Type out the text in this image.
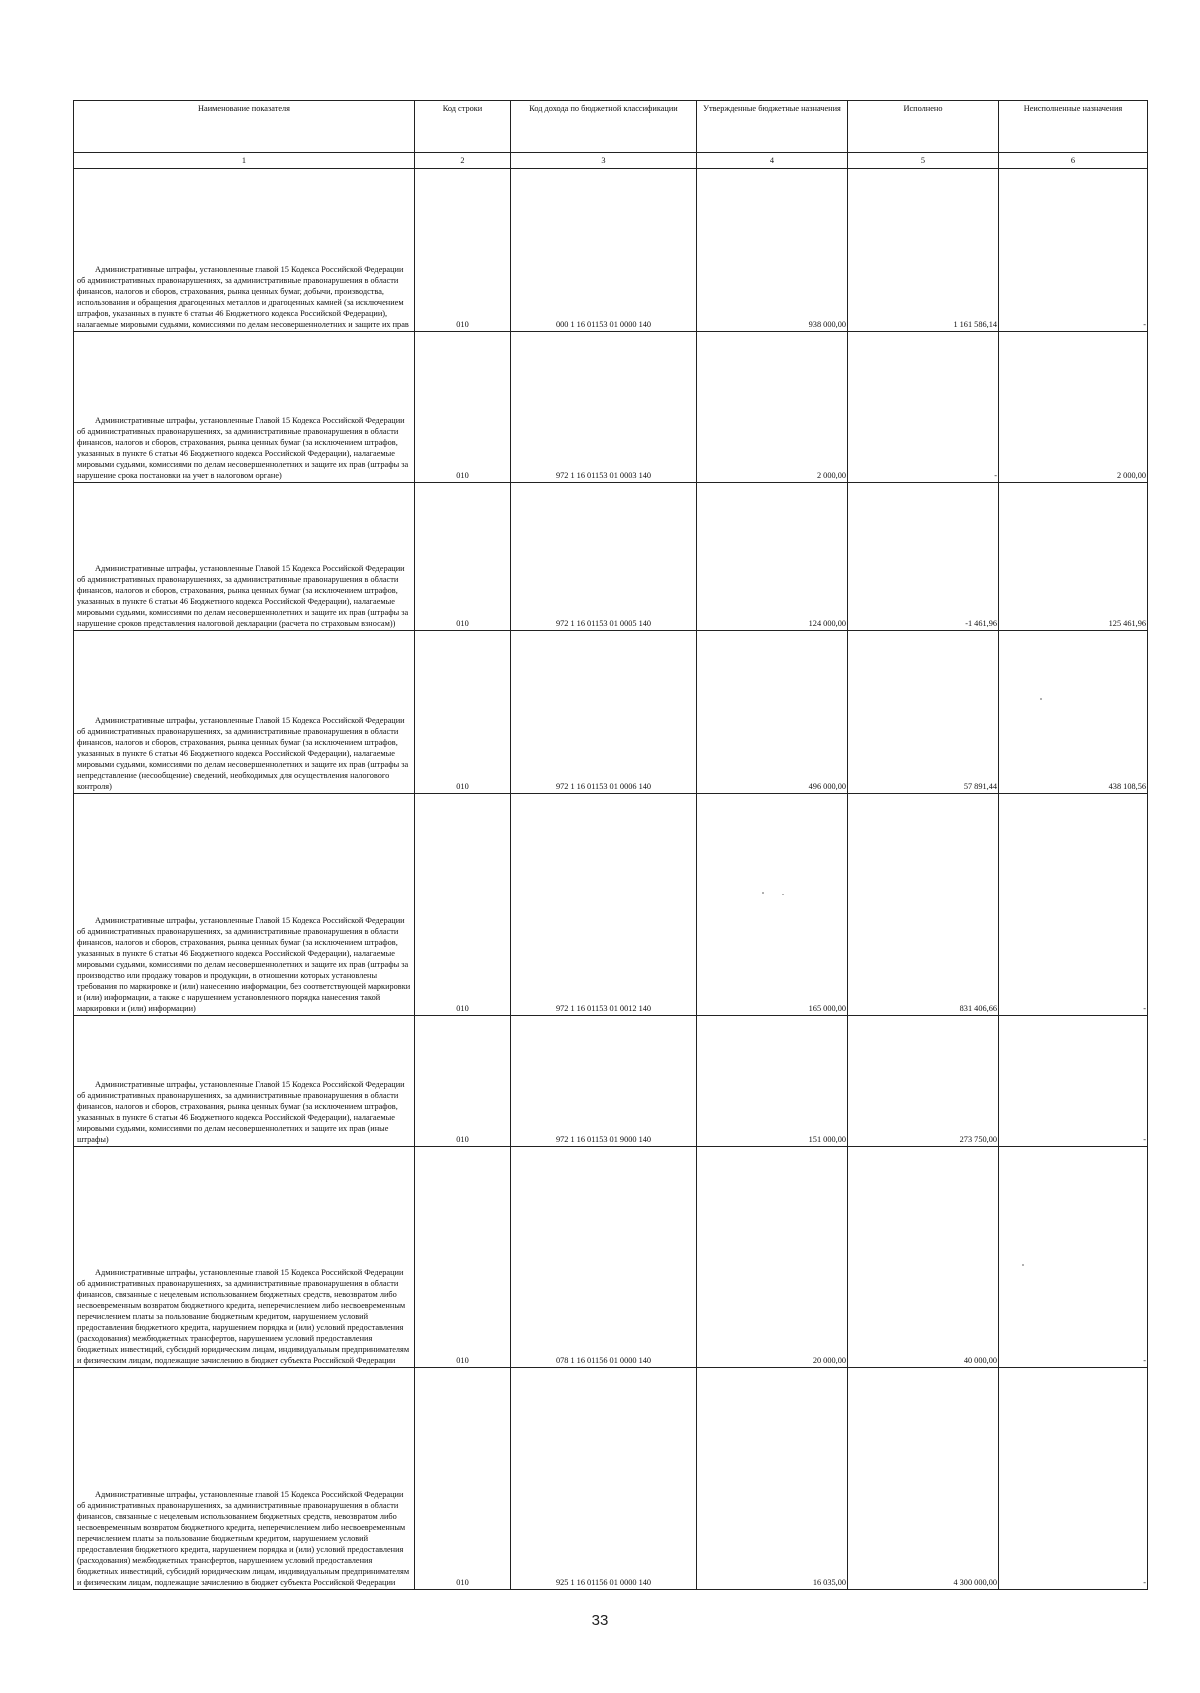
Наименование показателя	Код строки	Код дохода по бюджетной классификации	Утвержденные бюджетные назначения	Исполнено	Неисполненные назначения
1	2	3	4	5	6

Административные штрафы, установленные главой 15 Кодекса Российской Федерации об административных правонарушениях, за административные правонарушения в области финансов, налогов и сборов, страхования, рынка ценных бумаг, добычи, производства, использования и обращения драгоценных металлов и драгоценных камней (за исключением штрафов, указанных в пункте 6 статьи 46 Бюджетного кодекса Российской Федерации), налагаемые мировыми судьями, комиссиями по делам несовершеннолетних и защите их прав	010	000 1 16 01153 01 0000 140	938 000,00	1 161 586,14	-

Административные штрафы, установленные Главой 15 Кодекса Российской Федерации об административных правонарушениях, за административные правонарушения в области финансов, налогов и сборов, страхования, рынка ценных бумаг (за исключением штрафов, указанных в пункте 6 статьи 46 Бюджетного кодекса Российской Федерации), налагаемые мировыми судьями, комиссиями по делам несовершеннолетних и защите их прав (штрафы за нарушение срока постановки на учет в налоговом органе)	010	972 1 16 01153 01 0003 140	2 000,00	-	2 000,00

Административные штрафы, установленные Главой 15 Кодекса Российской Федерации об административных правонарушениях, за административные правонарушения в области финансов, налогов и сборов, страхования, рынка ценных бумаг (за исключением штрафов, указанных в пункте 6 статьи 46 Бюджетного кодекса Российской Федерации), налагаемые мировыми судьями, комиссиями по делам несовершеннолетних и защите их прав (штрафы за нарушение сроков представления налоговой декларации (расчета по страховым взносам))	010	972 1 16 01153 01 0005 140	124 000,00	-1 461,96	125 461,96

Административные штрафы, установленные Главой 15 Кодекса Российской Федерации об административных правонарушениях, за административные правонарушения в области финансов, налогов и сборов, страхования, рынка ценных бумаг (за исключением штрафов, указанных в пункте 6 статьи 46 Бюджетного кодекса Российской Федерации), налагаемые мировыми судьями, комиссиями по делам несовершеннолетних и защите их прав (штрафы за непредставление (несообщение) сведений, необходимых для осуществления налогового контроля)	010	972 1 16 01153 01 0006 140	496 000,00	57 891,44	438 108,56

Административные штрафы, установленные Главой 15 Кодекса Российской Федерации об административных правонарушениях, за административные правонарушения в области финансов, налогов и сборов, страхования, рынка ценных бумаг (за исключением штрафов, указанных в пункте 6 статьи 46 Бюджетного кодекса Российской Федерации), налагаемые мировыми судьями, комиссиями по делам несовершеннолетних и защите их прав (штрафы за производство или продажу товаров и продукции, в отношении которых установлены требования по маркировке и (или) нанесению информации, без соответствующей маркировки и (или) информации, а также с нарушением установленного порядка нанесения такой маркировки и (или) информации)	010	972 1 16 01153 01 0012 140	165 000,00	831 406,66	-

Административные штрафы, установленные Главой 15 Кодекса Российской Федерации об административных правонарушениях, за административные правонарушения в области финансов, налогов и сборов, страхования, рынка ценных бумаг (за исключением штрафов, указанных в пункте 6 статьи 46 Бюджетного кодекса Российской Федерации), налагаемые мировыми судьями, комиссиями по делам несовершеннолетних и защите их прав (иные штрафы)	010	972 1 16 01153 01 9000 140	151 000,00	273 750,00	-

Административные штрафы, установленные главой 15 Кодекса Российской Федерации об административных правонарушениях, за административные правонарушения в области финансов, связанные с нецелевым использованием бюджетных средств, невозвратом либо несвоевременным возвратом бюджетного кредита, неперечислением либо несвоевременным перечислением платы за пользование бюджетным кредитом, нарушением условий предоставления бюджетного кредита, нарушением порядка и (или) условий предоставления (расходования) межбюджетных трансфертов, нарушением условий предоставления бюджетных инвестиций, субсидий юридическим лицам, индивидуальным предпринимателям и физическим лицам, подлежащие зачислению в бюджет субъекта Российской Федерации	010	078 1 16 01156 01 0000 140	20 000,00	40 000,00	-

Административные штрафы, установленные главой 15 Кодекса Российской Федерации об административных правонарушениях, за административные правонарушения в области финансов, связанные с нецелевым использованием бюджетных средств, невозвратом либо несвоевременным возвратом бюджетного кредита, неперечислением либо несвоевременным перечислением платы за пользование бюджетным кредитом, нарушением условий предоставления бюджетного кредита, нарушением порядка и (или) условий предоставления (расходования) межбюджетных трансфертов, нарушением условий предоставления бюджетных инвестиций, субсидий юридическим лицам, индивидуальным предпринимателям и физическим лицам, подлежащие зачислению в бюджет субъекта Российской Федерации	010	925 1 16 01156 01 0000 140	16 035,00	4 300 000,00	-
33
